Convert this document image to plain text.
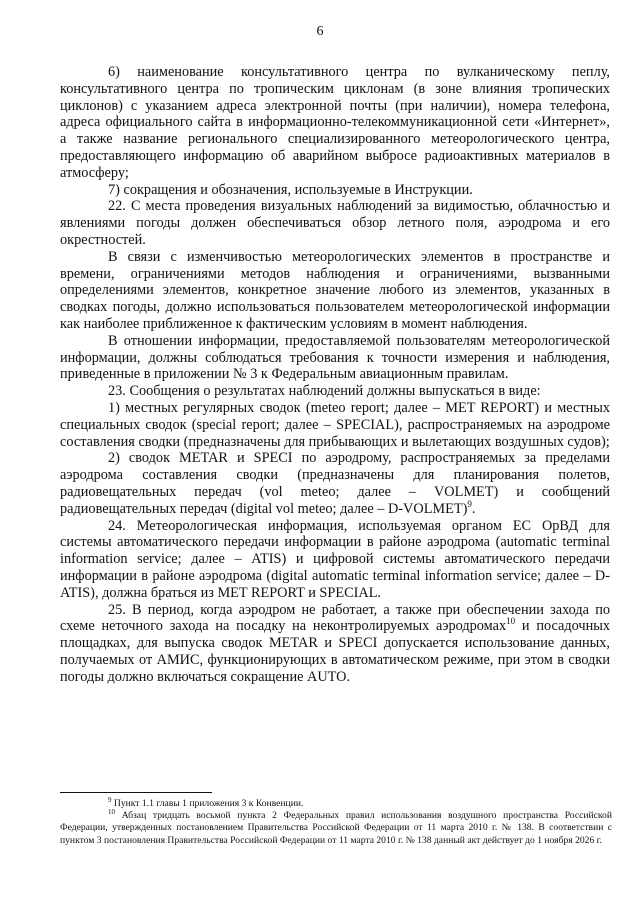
6

6) наименование консультативного центра по вулканическому пеплу, консультативного центра по тропическим циклонам (в зоне влияния тропических циклонов) с указанием адреса электронной почты (при наличии), номера телефона, адреса официального сайта в информационно-телекоммуникационной сети «Интернет», а также название регионального специализированного метеорологического центра, предоставляющего информацию об аварийном выбросе радиоактивных материалов в атмосферу;

7) сокращения и обозначения, используемые в Инструкции.

22. С места проведения визуальных наблюдений за видимостью, облачностью и явлениями погоды должен обеспечиваться обзор летного поля, аэродрома и его окрестностей.

В связи с изменчивостью метеорологических элементов в пространстве и времени, ограничениями методов наблюдения и ограничениями, вызванными определениями элементов, конкретное значение любого из элементов, указанных в сводках погоды, должно использоваться пользователем метеорологической информации как наиболее приближенное к фактическим условиям в момент наблюдения.

В отношении информации, предоставляемой пользователям метеорологической информации, должны соблюдаться требования к точности измерения и наблюдения, приведенные в приложении № 3 к Федеральным авиационным правилам.

23. Сообщения о результатах наблюдений должны выпускаться в виде:

1) местных регулярных сводок (meteo report; далее – MET REPORT) и местных специальных сводок (special report; далее – SPECIAL), распространяемых на аэродроме составления сводки (предназначены для прибывающих и вылетающих воздушных судов);

2) сводок METAR и SPECI по аэродрому, распространяемых за пределами аэродрома составления сводки (предназначены для планирования полетов, радиовещательных передач (vol meteo; далее – VOLMET) и сообщений радиовещательных передач (digital vol meteo; далее – D-VOLMET)$^9$.

24. Метеорологическая информация, используемая органом ЕС ОрВД для системы автоматического передачи информации в районе аэродрома (automatic terminal information service; далее – ATIS) и цифровой системы автоматического передачи информации в районе аэродрома (digital automatic terminal information service; далее – D-ATIS), должна браться из MET REPORT и SPECIAL.

25. В период, когда аэродром не работает, а также при обеспечении захода по схеме неточного захода на посадку на неконтролируемых аэродромах$^{10}$ и посадочных площадках, для выпуска сводок METAR и SPECI допускается использование данных, получаемых от АМИС, функционирующих в автоматическом режиме, при этом в сводки погоды должно включаться сокращение AUTO.

$^9$ Пункт 1.1 главы 1 приложения 3 к Конвенции.

$^{10}$ Абзац тридцать восьмой пункта 2 Федеральных правил использования воздушного пространства Российской Федерации, утвержденных постановлением Правительства Российской Федерации от 11 марта 2010 г. № 138. В соответствии с пунктом 3 постановления Правительства Российской Федерации от 11 марта 2010 г. № 138 данный акт действует до 1 ноября 2026 г.
